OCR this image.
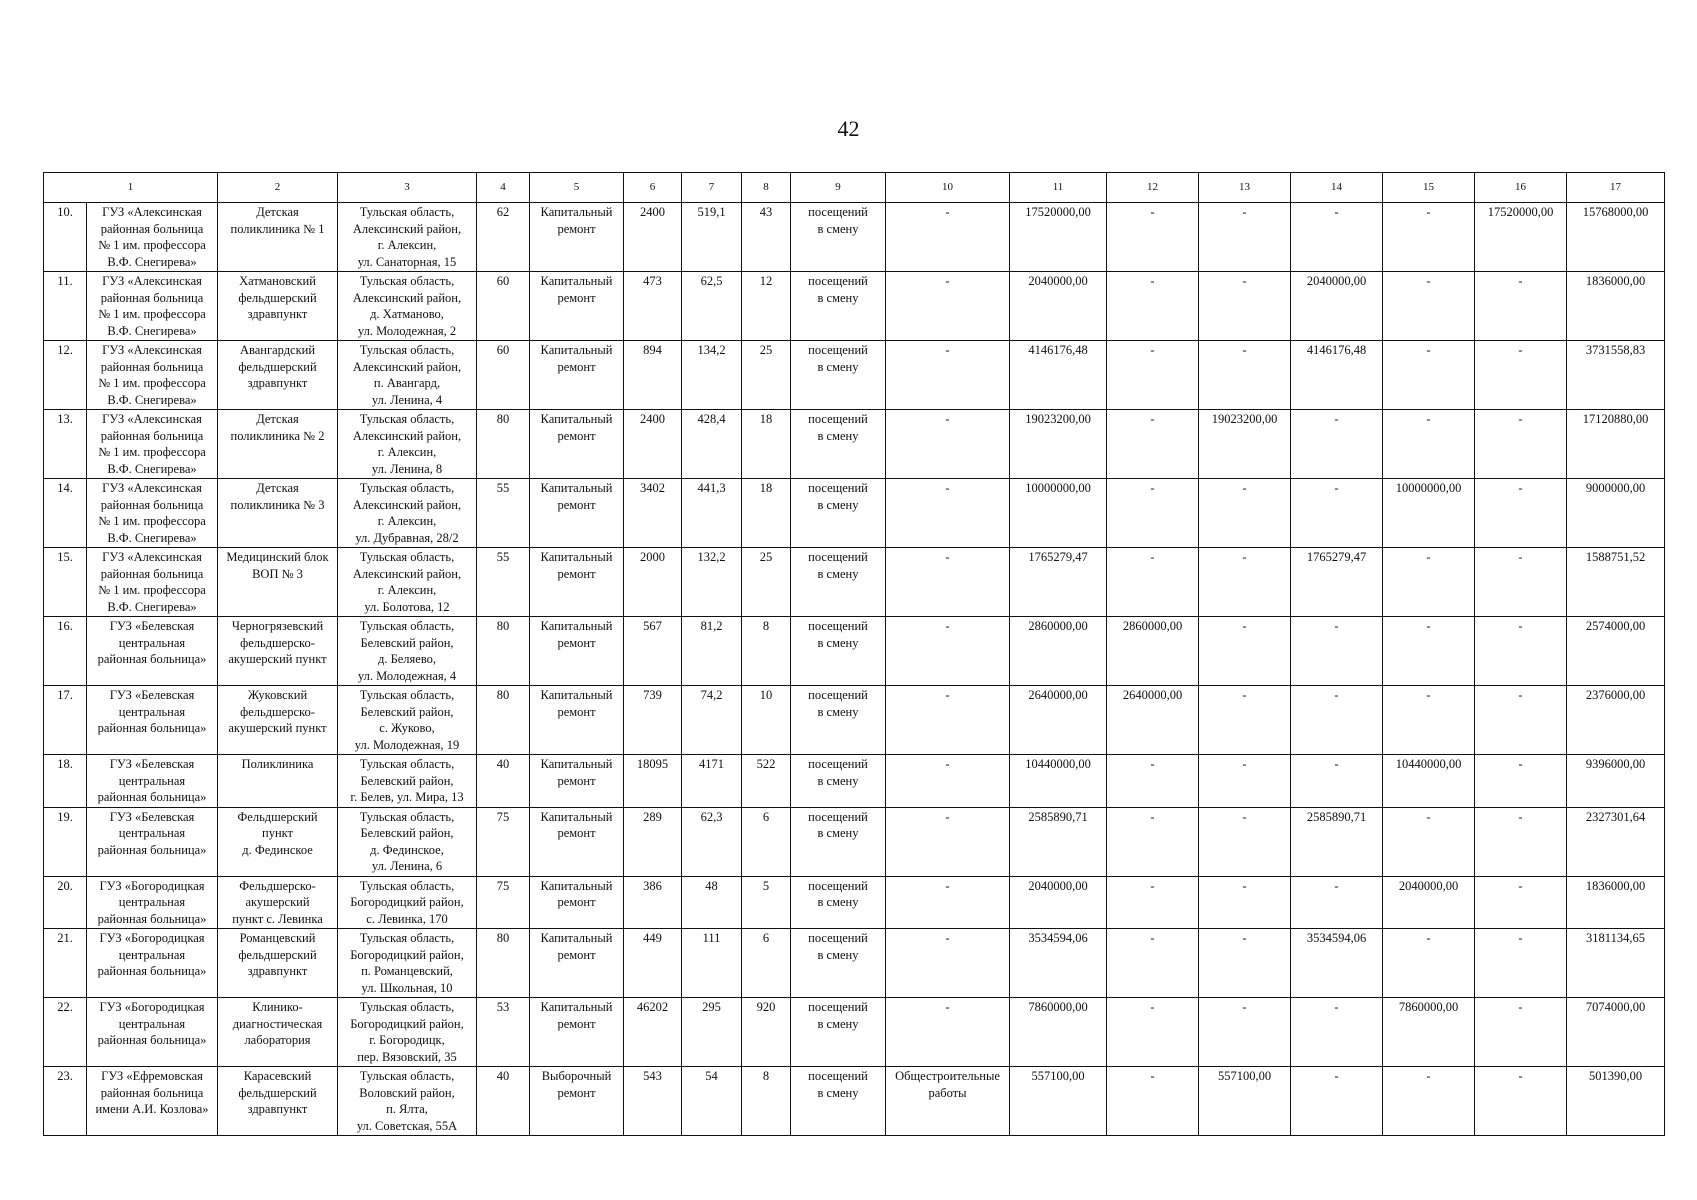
42
1		2	3	4	5	6	7	8	9	10	11	12	13	14	15	16	17
10.	ГУЗ «Алексинская
районная больница
№ 1 им. профессора
В.Ф. Снегирева»	Детская
поликлиника № 1	Тульская область,
Алексинский район,
г. Алексин,
ул. Санаторная, 15	62	Капитальный
ремонт	2400	519,1	43	посещений
в смену	-	17520000,00	-	-	-	-	17520000,00	15768000,00
11.	ГУЗ «Алексинская
районная больница
№ 1 им. профессора
В.Ф. Снегирева»	Хатмановский
фельдшерский
здравпункт	Тульская область,
Алексинский район,
д. Хатманово,
ул. Молодежная, 2	60	Капитальный
ремонт	473	62,5	12	посещений
в смену	-	2040000,00	-	-	2040000,00	-	-	1836000,00
12.	ГУЗ «Алексинская
районная больница
№ 1 им. профессора
В.Ф. Снегирева»	Авангардский
фельдшерский
здравпункт	Тульская область,
Алексинский район,
п. Авангард,
ул. Ленина, 4	60	Капитальный
ремонт	894	134,2	25	посещений
в смену	-	4146176,48	-	-	4146176,48	-	-	3731558,83
13.	ГУЗ «Алексинская
районная больница
№ 1 им. профессора
В.Ф. Снегирева»	Детская
поликлиника № 2	Тульская область,
Алексинский район,
г. Алексин,
ул. Ленина, 8	80	Капитальный
ремонт	2400	428,4	18	посещений
в смену	-	19023200,00	-	19023200,00	-	-	-	17120880,00
14.	ГУЗ «Алексинская
районная больница
№ 1 им. профессора
В.Ф. Снегирева»	Детская
поликлиника № 3	Тульская область,
Алексинский район,
г. Алексин,
ул. Дубравная, 28/2	55	Капитальный
ремонт	3402	441,3	18	посещений
в смену	-	10000000,00	-	-	-	10000000,00	-	9000000,00
15.	ГУЗ «Алексинская
районная больница
№ 1 им. профессора
В.Ф. Снегирева»	Медицинский блок
ВОП № 3	Тульская область,
Алексинский район,
г. Алексин,
ул. Болотова, 12	55	Капитальный
ремонт	2000	132,2	25	посещений
в смену	-	1765279,47	-	-	1765279,47	-	-	1588751,52
16.	ГУЗ «Белевская
центральная
районная больница»	Черногрязевский
фельдшерско-
акушерский пункт	Тульская область,
Белевский район,
д. Беляево,
ул. Молодежная, 4	80	Капитальный
ремонт	567	81,2	8	посещений
в смену	-	2860000,00	2860000,00	-	-	-	-	2574000,00
17.	ГУЗ «Белевская
центральная
районная больница»	Жуковский
фельдшерско-
акушерский пункт	Тульская область,
Белевский район,
с. Жуково,
ул. Молодежная, 19	80	Капитальный
ремонт	739	74,2	10	посещений
в смену	-	2640000,00	2640000,00	-	-	-	-	2376000,00
18.	ГУЗ «Белевская
центральная
районная больница»	Поликлиника	Тульская область,
Белевский район,
г. Белев, ул. Мира, 13	40	Капитальный
ремонт	18095	4171	522	посещений
в смену	-	10440000,00	-	-	-	10440000,00	-	9396000,00
19.	ГУЗ «Белевская
центральная
районная больница»	Фельдшерский
пункт
д. Фединское	Тульская область,
Белевский район,
д. Фединское,
ул. Ленина, 6	75	Капитальный
ремонт	289	62,3	6	посещений
в смену	-	2585890,71	-	-	2585890,71	-	-	2327301,64
20.	ГУЗ «Богородицкая
центральная
районная больница»	Фельдшерско-
акушерский
пункт с. Левинка	Тульская область,
Богородицкий район,
с. Левинка, 170	75	Капитальный
ремонт	386	48	5	посещений
в смену	-	2040000,00	-	-	-	2040000,00	-	1836000,00
21.	ГУЗ «Богородицкая
центральная
районная больница»	Романцевский
фельдшерский
здравпункт	Тульская область,
Богородицкий район,
п. Романцевский,
ул. Школьная, 10	80	Капитальный
ремонт	449	111	6	посещений
в смену	-	3534594,06	-	-	3534594,06	-	-	3181134,65
22.	ГУЗ «Богородицкая
центральная
районная больница»	Клинико-
диагностическая
лаборатория	Тульская область,
Богородицкий район,
г. Богородицк,
пер. Вязовский, 35	53	Капитальный
ремонт	46202	295	920	посещений
в смену	-	7860000,00	-	-	-	7860000,00	-	7074000,00
23.	ГУЗ «Ефремовская
районная больница
имени А.И. Козлова»	Карасевский
фельдшерский
здравпункт	Тульская область,
Воловский район,
п. Ялта,
ул. Советская, 55А	40	Выборочный
ремонт	543	54	8	посещений
в смену	Общестроительные
работы	557100,00	-	557100,00	-	-	-	501390,00
